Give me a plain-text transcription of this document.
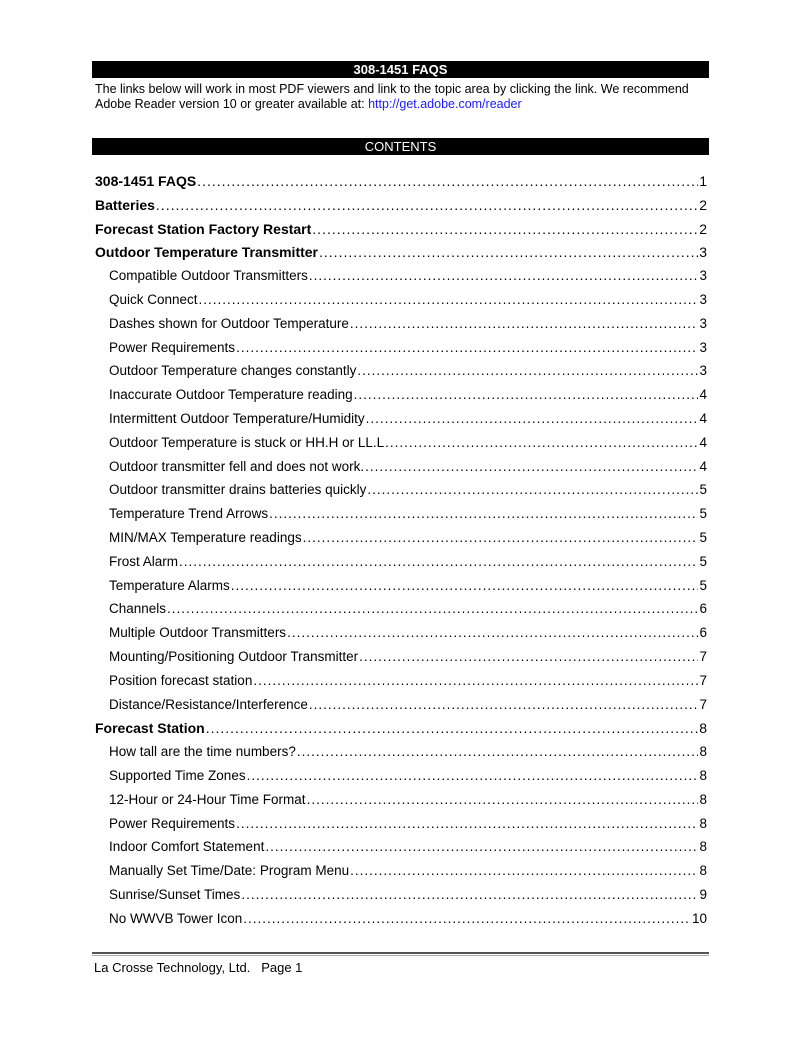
308-1451 FAQS
The links below will work in most PDF viewers and link to the topic area by clicking the link. We recommend Adobe Reader version 10 or greater available at: http://get.adobe.com/reader
CONTENTS
308-1451 FAQS .....	1
Batteries .....	2
Forecast Station Factory Restart .....	2
Outdoor Temperature Transmitter .....	3
Compatible Outdoor Transmitters .....	3
Quick Connect .....	3
Dashes shown for Outdoor Temperature .....	3
Power Requirements .....	3
Outdoor Temperature changes constantly .....	3
Inaccurate Outdoor Temperature reading .....	4
Intermittent Outdoor Temperature/Humidity .....	4
Outdoor Temperature is stuck or HH.H or LL.L .....	4
Outdoor transmitter fell and does not work. .....	4
Outdoor transmitter drains batteries quickly .....	5
Temperature Trend Arrows .....	5
MIN/MAX Temperature readings .....	5
Frost Alarm .....	5
Temperature Alarms .....	5
Channels .....	6
Multiple Outdoor Transmitters .....	6
Mounting/Positioning Outdoor Transmitter .....	7
Position forecast station .....	7
Distance/Resistance/Interference .....	7
Forecast Station .....	8
How tall are the time numbers? .....	8
Supported Time Zones .....	8
12-Hour or 24-Hour Time Format .....	8
Power Requirements .....	8
Indoor Comfort Statement .....	8
Manually Set Time/Date: Program Menu .....	8
Sunrise/Sunset Times .....	9
No WWVB Tower Icon .....	10
La Crosse Technology, Ltd. Page 1
